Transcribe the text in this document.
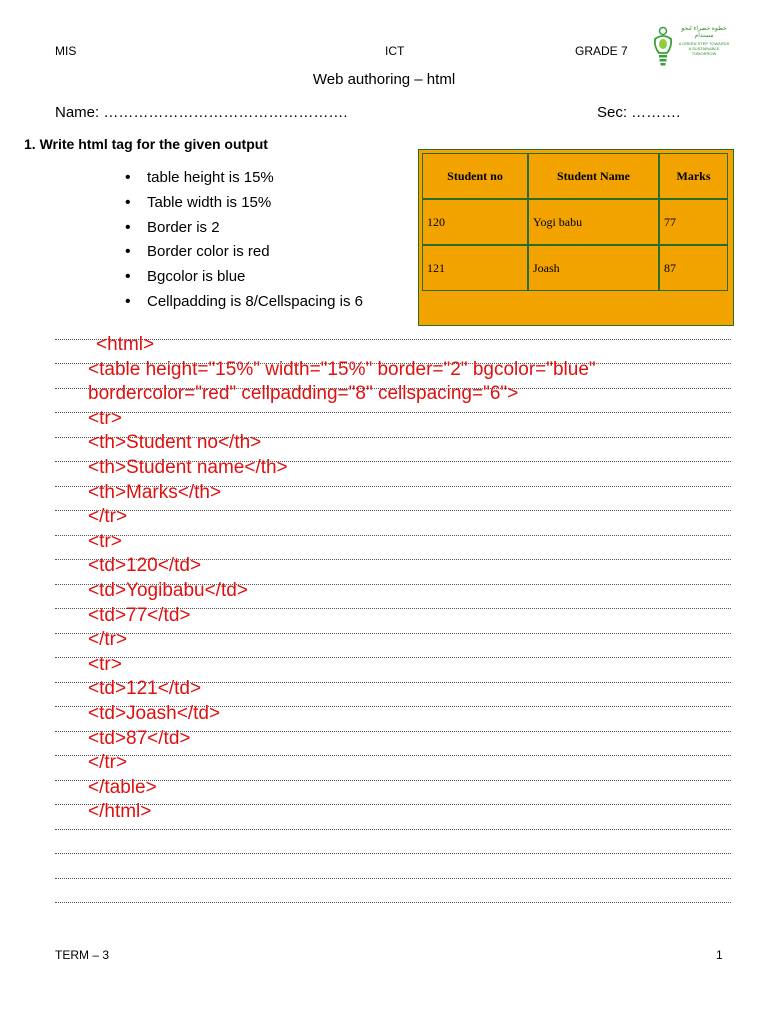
MIS	ICT	GRADE 7
خطوة خضراء لنحو مستدام
A GREEN STEP TOWARDS A SUSTAINABLE TOMORROW
Web authoring – html
Name: ………………………………………….	Sec: ……….
1. Write html tag for the given output
• table height is 15%
• Table width is 15%
• Border is 2
• Border color is red
• Bgcolor is blue
• Cellpadding is 8/Cellspacing is 6
Student no	Student Name	Marks
120	Yogi babu	77
121	Joash	87
<html>
<table height="15%" width="15%" border="2" bgcolor="blue"
bordercolor="red" cellpadding="8" cellspacing="6">
<tr>
<th>Student no</th>
<th>Student name</th>
<th>Marks</th>
</tr>
<tr>
<td>120</td>
<td>Yogibabu</td>
<td>77</td>
</tr>
<tr>
<td>121</td>
<td>Joash</td>
<td>87</td>
</tr>
</table>
</html>
TERM – 3	1
